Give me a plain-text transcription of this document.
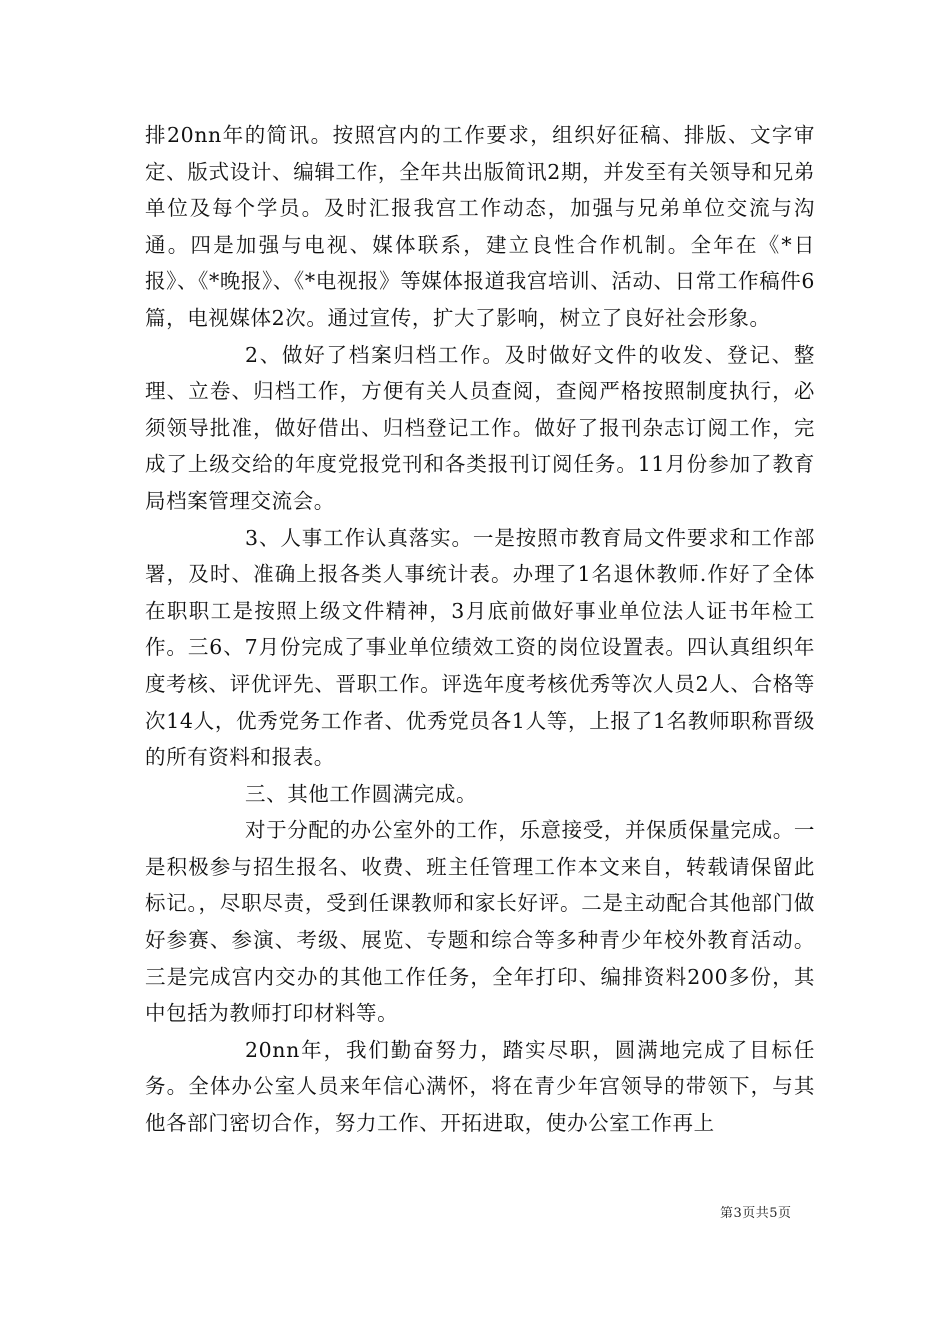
排20nn年的简讯。按照宫内的工作要求，组织好征稿、排版、文字审定、版式设计、编辑工作，全年共出版简讯2期，并发至有关领导和兄弟单位及每个学员。及时汇报我宫工作动态，加强与兄弟单位交流与沟通。四是加强与电视、媒体联系，建立良性合作机制。全年在《*日报》、《*晚报》、《*电视报》等媒体报道我宫培训、活动、日常工作稿件6篇，电视媒体2次。通过宣传，扩大了影响，树立了良好社会形象。

2、做好了档案归档工作。及时做好文件的收发、登记、整理、立卷、归档工作，方便有关人员查阅，查阅严格按照制度执行，必须领导批准，做好借出、归档登记工作。做好了报刊杂志订阅工作，完成了上级交给的年度党报党刊和各类报刊订阅任务。11月份参加了教育局档案管理交流会。

3、人事工作认真落实。一是按照市教育局文件要求和工作部署，及时、准确上报各类人事统计表。办理了1名退休教师.作好了全体在职职工是按照上级文件精神，3月底前做好事业单位法人证书年检工作。三6、7月份完成了事业单位绩效工资的岗位设置表。四认真组织年度考核、评优评先、晋职工作。评选年度考核优秀等次人员2人、合格等次14人，优秀党务工作者、优秀党员各1人等，上报了1名教师职称晋级的所有资料和报表。

三、其他工作圆满完成。

对于分配的办公室外的工作，乐意接受，并保质保量完成。一是积极参与招生报名、收费、班主任管理工作本文来自，转载请保留此标记。，尽职尽责，受到任课教师和家长好评。二是主动配合其他部门做好参赛、参演、考级、展览、专题和综合等多种青少年校外教育活动。三是完成宫内交办的其他工作任务，全年打印、编排资料200多份，其中包括为教师打印材料等。

20nn年，我们勤奋努力，踏实尽职，圆满地完成了目标任务。全体办公室人员来年信心满怀，将在青少年宫领导的带领下，与其他各部门密切合作，努力工作、开拓进取，使办公室工作再上

第3页共5页
